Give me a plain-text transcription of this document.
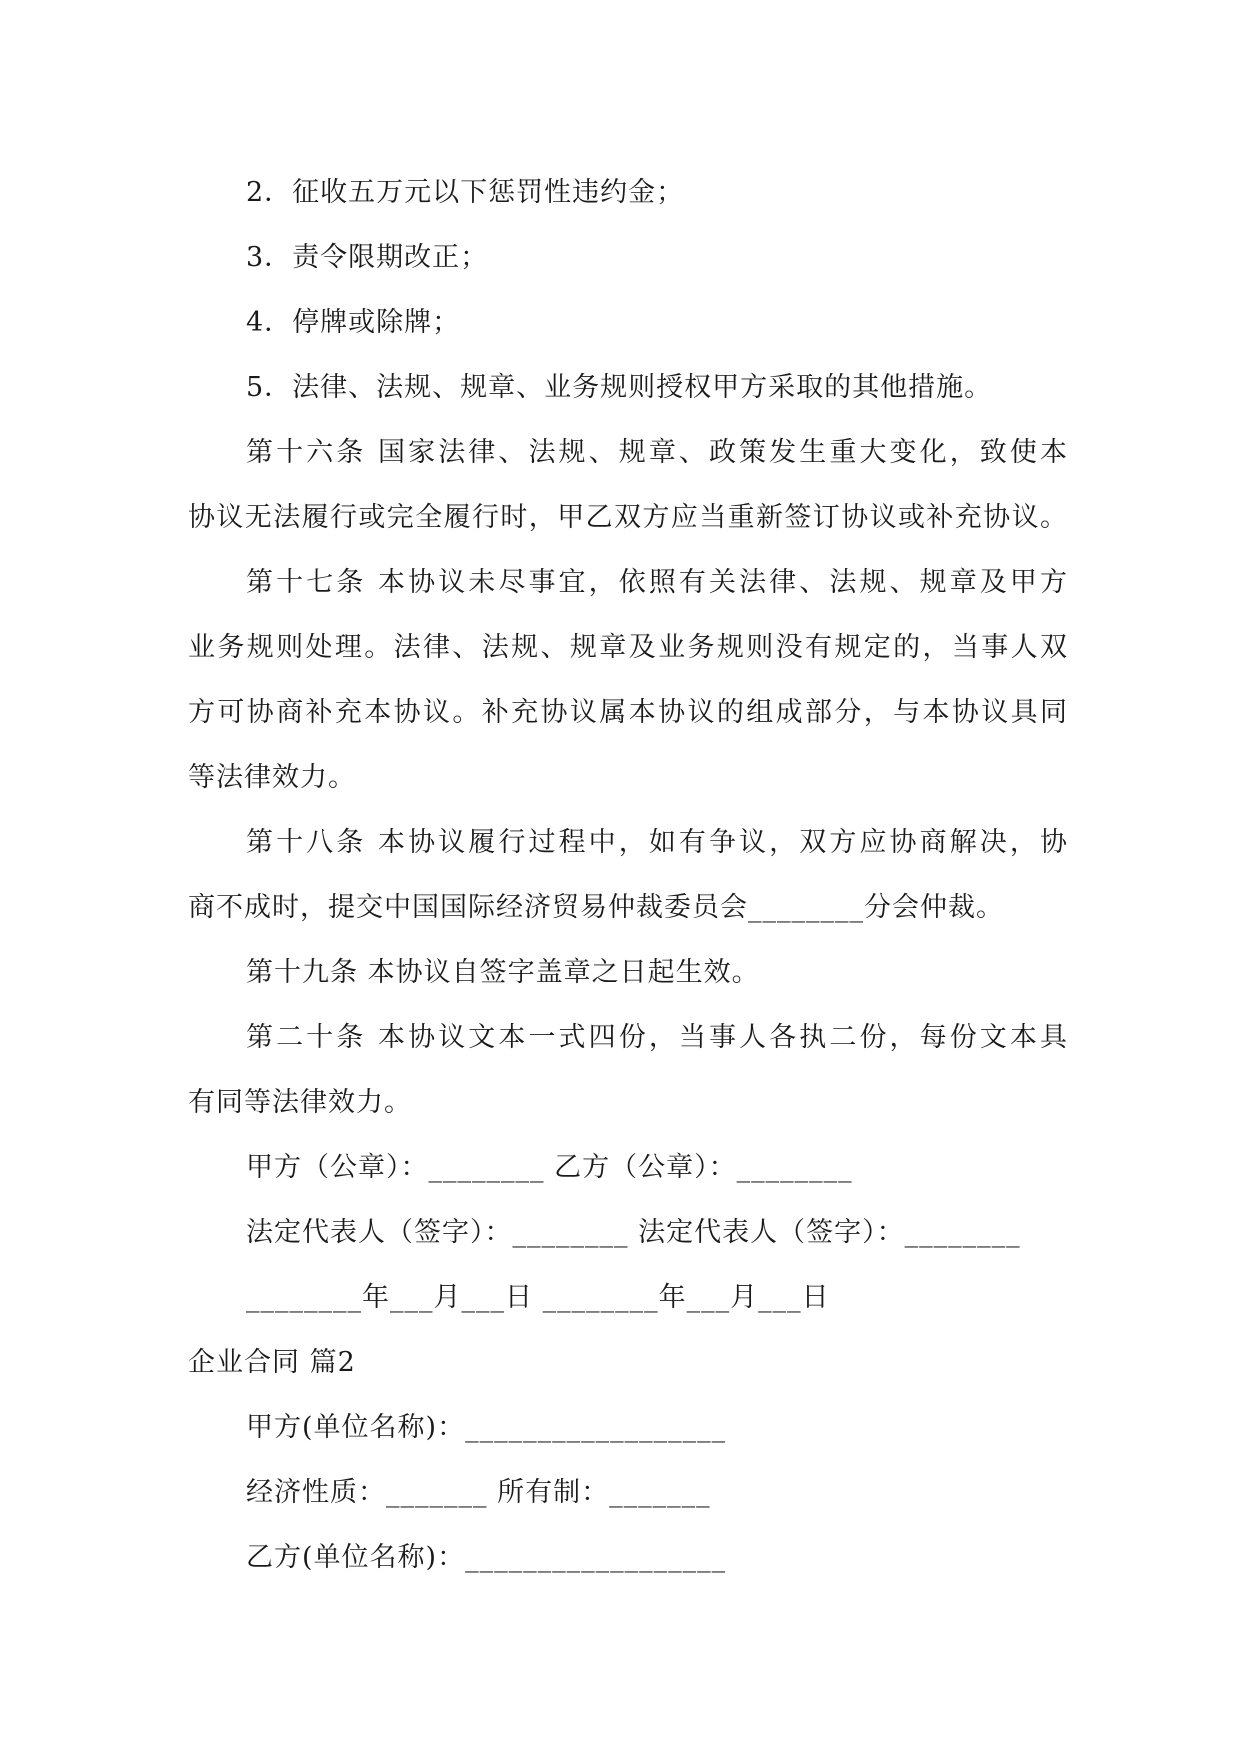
2．征收五万元以下惩罚性违约金；
3．责令限期改正；
4．停牌或除牌；
5．法律、法规、规章、业务规则授权甲方采取的其他措施。
第十六条 国家法律、法规、规章、政策发生重大变化，致使本
协议无法履行或完全履行时，甲乙双方应当重新签订协议或补充协议。
第十七条 本协议未尽事宜，依照有关法律、法规、规章及甲方
业务规则处理。法律、法规、规章及业务规则没有规定的，当事人双
方可协商补充本协议。补充协议属本协议的组成部分，与本协议具同
等法律效力。
第十八条 本协议履行过程中，如有争议，双方应协商解决，协
商不成时，提交中国国际经济贸易仲裁委员会________分会仲裁。
第十九条 本协议自签字盖章之日起生效。
第二十条 本协议文本一式四份，当事人各执二份，每份文本具
有同等法律效力。
甲方（公章）：________ 乙方（公章）：________
法定代表人（签字）：________ 法定代表人（签字）：________
________年___月___日 ________年___月___日
企业合同 篇2
甲方(单位名称)：__________________
经济性质：_______ 所有制：_______
乙方(单位名称)：__________________
